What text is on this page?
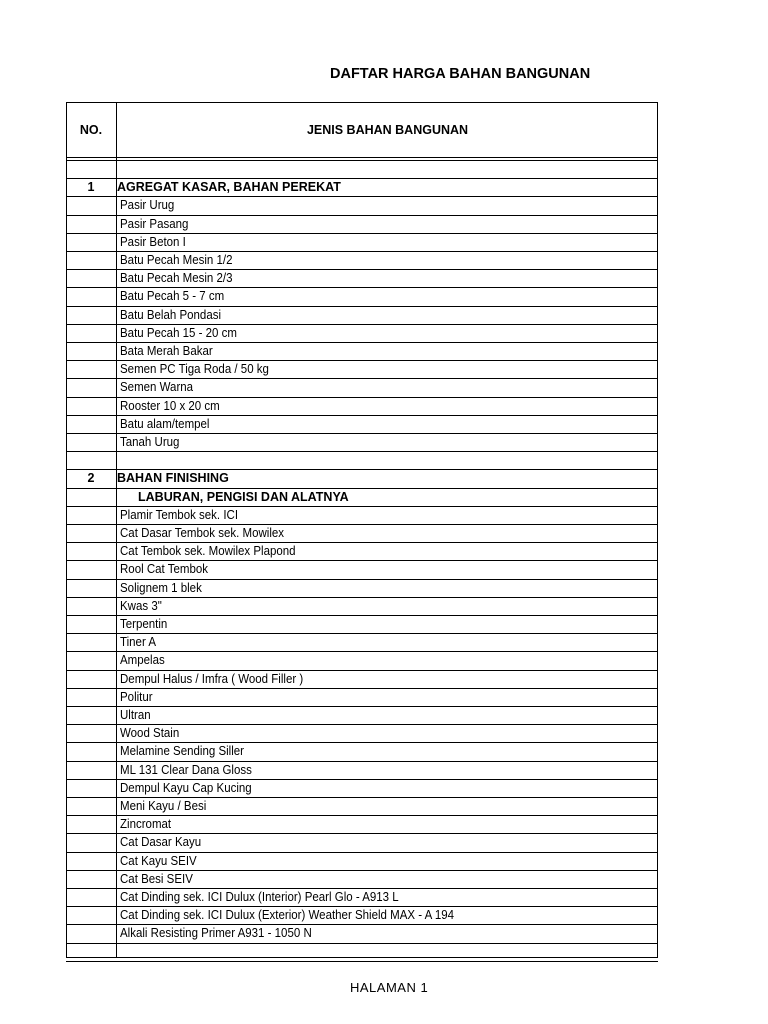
DAFTAR HARGA BAHAN BANGUNAN
NO.	JENIS BAHAN BANGUNAN
1	AGREGAT KASAR, BAHAN PEREKAT
Pasir Urug
Pasir Pasang
Pasir Beton I
Batu Pecah Mesin 1/2
Batu Pecah Mesin 2/3
Batu Pecah 5 - 7 cm
Batu Belah Pondasi
Batu Pecah 15 - 20 cm
Bata Merah Bakar
Semen PC Tiga Roda / 50 kg
Semen Warna
Rooster 10 x 20 cm
Batu alam/tempel
Tanah Urug
2	BAHAN FINISHING
LABURAN, PENGISI DAN ALATNYA
Plamir Tembok sek. ICI
Cat Dasar Tembok sek. Mowilex
Cat Tembok sek. Mowilex Plapond
Rool Cat Tembok
Solignem 1 blek
Kwas 3"
Terpentin
Tiner A
Ampelas
Dempul Halus / Imfra ( Wood Filler )
Politur
Ultran
Wood Stain
Melamine Sending Siller
ML 131 Clear Dana Gloss
Dempul Kayu Cap Kucing
Meni Kayu / Besi
Zincromat
Cat Dasar Kayu
Cat Kayu SEIV
Cat Besi SEIV
Cat Dinding sek. ICI Dulux (Interior) Pearl Glo - A913 L
Cat Dinding sek. ICI Dulux (Exterior) Weather Shield MAX - A 194
Alkali Resisting Primer A931 - 1050 N
HALAMAN 1
